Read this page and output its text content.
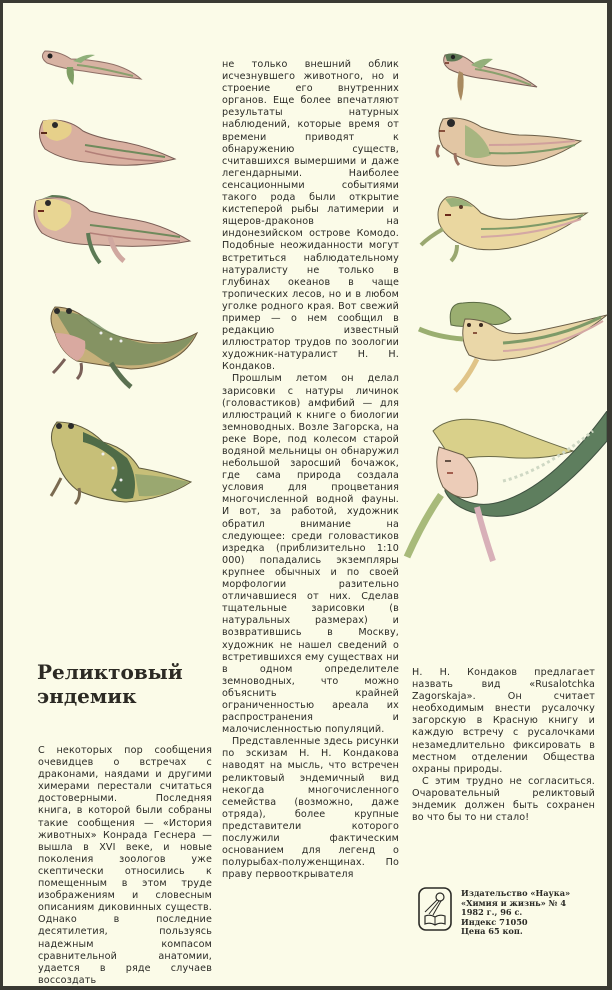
не только внешний облик исчезнувшего животного, но и строение его внутренних органов. Еще более впечатляют результаты натурных наблюдений, которые время от времени приводят к обнаружению существ, считавшихся вымершими и даже легендарными. Наиболее сенсационными событиями такого рода были открытие кистеперой рыбы латимерии и ящеров-драконов на индонезийском острове Комодо. Подобные неожиданности могут встретиться наблюдательному натуралисту не только в глубинах океанов в чаще тропических лесов, но и в любом уголке родного края. Вот свежий пример — о нем сообщил в редакцию известный иллюстратор трудов по зоологии художник-натуралист Н. Н. Кондаков.

Прошлым летом он делал зарисовки с натуры личинок (головастиков) амфибий — для иллюстраций к книге о биологии земноводных. Возле Загорска, на реке Воре, под колесом старой водяной мельницы он обнаружил небольшой заросший бочажок, где сама природа создала условия для процветания многочисленной водной фауны. И вот, за работой, художник обратил внимание на следующее: среди головастиков изредка (приблизительно 1:10 000) попадались экземпляры крупнее обычных и по своей морфологии разительно отличавшиеся от них. Сделав тщательные зарисовки (в натуральных размерах) и возвратившись в Москву, художник не нашел сведений о встретившихся ему существах ни в одном определителе земноводных, что можно объяснить крайней ограниченностью ареала их распространения и малочисленностью популяций.

Представленные здесь рисунки по эскизам Н. Н. Кондакова наводят на мысль, что встречен реликтовый эндемичный вид некогда многочисленного семейства (возможно, даже отряда), более крупные представители которого послужили фактическим основанием для легенд о полурыбах-полуженщинах. По праву первооткрывателя

Реликтовый
эндемик

С некоторых пор сообщения очевидцев о встречах с драконами, наядами и другими химерами перестали считаться достоверными. Последняя книга, в которой были собраны такие сообщения — «История животных» Конрада Геснера — вышла в XVI веке, и новые поколения зоологов уже скептически относились к помещенным в этом труде изображениям и словесным описаниям диковинных существ. Однако в последние десятилетия, пользуясь надежным компасом сравнительной анатомии, удается в ряде случаев воссоздать

Н. Н. Кондаков предлагает назвать вид «Rusalotchka Zagorskaja». Он считает необходимым внести русалочку загорскую в Красную книгу и каждую встречу с русалочками незамедлительно фиксировать в местном отделении Общества охраны природы.

С этим трудно не согласиться. Очаровательный реликтовый эндемик должен быть сохранен во что бы то ни стало!

Издательство «Наука»
«Химия и жизнь» № 4
1982 г., 96 с.
Индекс 71050
Цена 65 коп.
